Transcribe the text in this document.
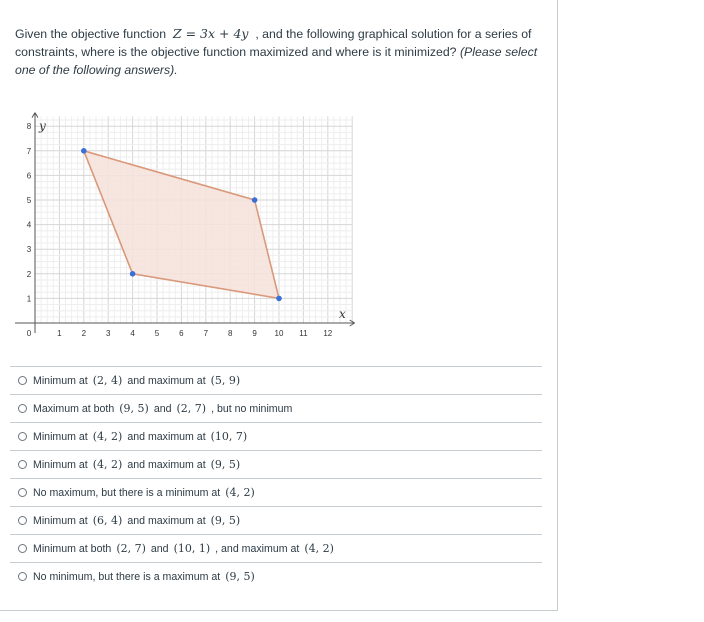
Given the objective function Z = 3x + 4y , and the following graphical solution for a series of constraints, where is the objective function maximized and where is it minimized? (Please select one of the following answers).
0	1 2 3 4 5 6 7 8 9 10 11 12
1
2
3
4
5
6
7
8
x
y
Minimum at (2, 4) and maximum at (5, 9)
Maximum at both (9, 5) and (2, 7) , but no minimum
Minimum at (4, 2) and maximum at (10, 7)
Minimum at (4, 2) and maximum at (9, 5)
No maximum, but there is a minimum at (4, 2)
Minimum at (6, 4) and maximum at (9, 5)
Minimum at both (2, 7) and (10, 1) , and maximum at (4, 2)
No minimum, but there is a maximum at (9, 5)
